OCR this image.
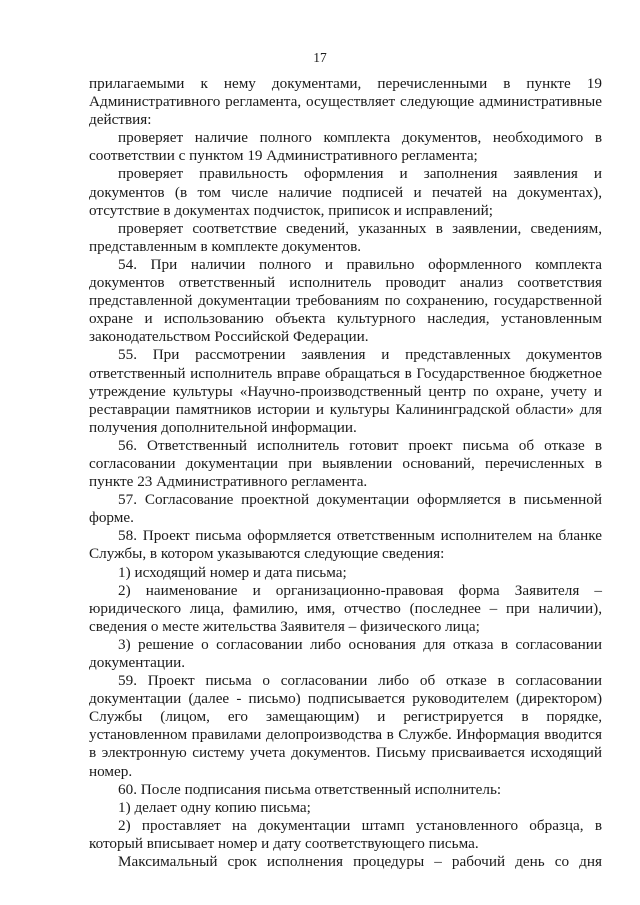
17

прилагаемыми к нему документами, перечисленными в пункте 19 Административного регламента, осуществляет следующие административные действия:

проверяет наличие полного комплекта документов, необходимого в соответствии с пунктом 19 Административного регламента;

проверяет правильность оформления и заполнения заявления и документов (в том числе наличие подписей и печатей на документах), отсутствие в документах подчисток, приписок и исправлений;

проверяет соответствие сведений, указанных в заявлении, сведениям, представленным в комплекте документов.

54. При наличии полного и правильно оформленного комплекта документов ответственный исполнитель проводит анализ соответствия представленной документации требованиям по сохранению, государственной охране и использованию объекта культурного наследия, установленным законодательством Российской Федерации.

55. При рассмотрении заявления и представленных документов ответственный исполнитель вправе обращаться в Государственное бюджетное утреждение культуры «Научно-производственный центр по охране, учету и реставрации памятников истории и культуры Калининградской области» для получения дополнительной информации.

56. Ответственный исполнитель готовит проект письма об отказе в согласовании документации при выявлении оснований, перечисленных в пункте 23 Административного регламента.

57. Согласование проектной документации оформляется в письменной форме.

58. Проект письма оформляется ответственным исполнителем на бланке Службы, в котором указываются следующие сведения:

1) исходящий номер и дата письма;

2) наименование и организационно-правовая форма Заявителя – юридического лица, фамилию, имя, отчество (последнее – при наличии), сведения о месте жительства Заявителя – физического лица;

3) решение о согласовании либо основания для отказа в согласовании документации.

59. Проект письма о согласовании либо об отказе в согласовании документации (далее - письмо) подписывается руководителем (директором) Службы (лицом, его замещающим) и регистрируется в порядке, установленном правилами делопроизводства в Службе. Информация вводится в электронную систему учета документов. Письму присваивается исходящий номер.

60. После подписания письма ответственный исполнитель:

1) делает одну копию письма;

2) проставляет на документации штамп установленного образца, в который вписывает номер и дату соответствующего письма.

Максимальный срок исполнения процедуры – рабочий день со дня
